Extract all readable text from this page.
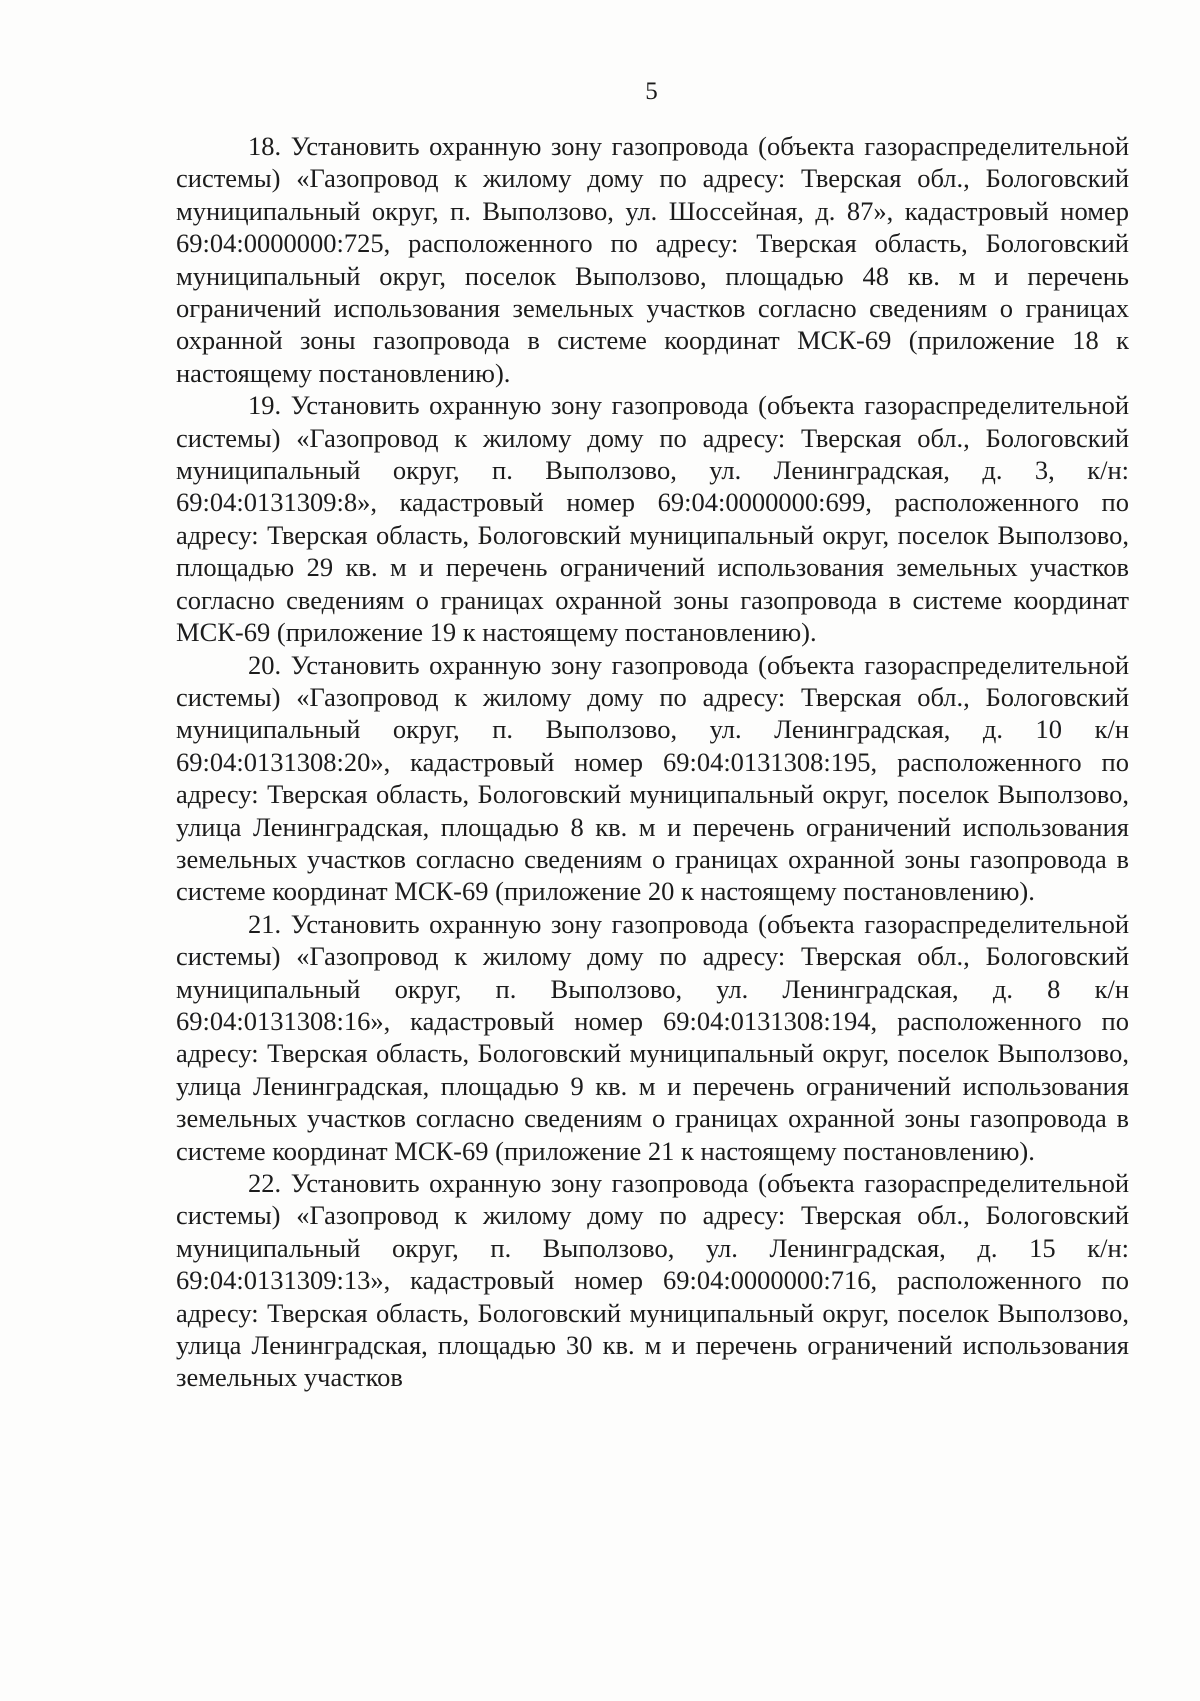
5

18. Установить охранную зону газопровода (объекта газораспределительной системы) «Газопровод к жилому дому по адресу: Тверская обл., Бологовский муниципальный округ, п. Выползово, ул. Шоссейная, д. 87», кадастровый номер 69:04:0000000:725, расположенного по адресу: Тверская область, Бологовский муниципальный округ, поселок Выползово, площадью 48 кв. м и перечень ограничений использования земельных участков согласно сведениям о границах охранной зоны газопровода в системе координат МСК-69 (приложение 18 к настоящему постановлению).

19. Установить охранную зону газопровода (объекта газораспределительной системы) «Газопровод к жилому дому по адресу: Тверская обл., Бологовский муниципальный округ, п. Выползово, ул. Ленинградская, д. 3, к/н: 69:04:0131309:8», кадастровый номер 69:04:0000000:699, расположенного по адресу: Тверская область, Бологовский муниципальный округ, поселок Выползово, площадью 29 кв. м и перечень ограничений использования земельных участков согласно сведениям о границах охранной зоны газопровода в системе координат МСК-69 (приложение 19 к настоящему постановлению).

20. Установить охранную зону газопровода (объекта газораспределительной системы) «Газопровод к жилому дому по адресу: Тверская обл., Бологовский муниципальный округ, п. Выползово, ул. Ленинградская, д. 10 к/н 69:04:0131308:20», кадастровый номер 69:04:0131308:195, расположенного по адресу: Тверская область, Бологовский муниципальный округ, поселок Выползово, улица Ленинградская, площадью 8 кв. м и перечень ограничений использования земельных участков согласно сведениям о границах охранной зоны газопровода в системе координат МСК-69 (приложение 20 к настоящему постановлению).

21. Установить охранную зону газопровода (объекта газораспределительной системы) «Газопровод к жилому дому по адресу: Тверская обл., Бологовский муниципальный округ, п. Выползово, ул. Ленинградская, д. 8 к/н 69:04:0131308:16», кадастровый номер 69:04:0131308:194, расположенного по адресу: Тверская область, Бологовский муниципальный округ, поселок Выползово, улица Ленинградская, площадью 9 кв. м и перечень ограничений использования земельных участков согласно сведениям о границах охранной зоны газопровода в системе координат МСК-69 (приложение 21 к настоящему постановлению).

22. Установить охранную зону газопровода (объекта газораспределительной системы) «Газопровод к жилому дому по адресу: Тверская обл., Бологовский муниципальный округ, п. Выползово, ул. Ленинградская, д. 15 к/н: 69:04:0131309:13», кадастровый номер 69:04:0000000:716, расположенного по адресу: Тверская область, Бологовский муниципальный округ, поселок Выползово, улица Ленинградская, площадью 30 кв. м и перечень ограничений использования земельных участков
